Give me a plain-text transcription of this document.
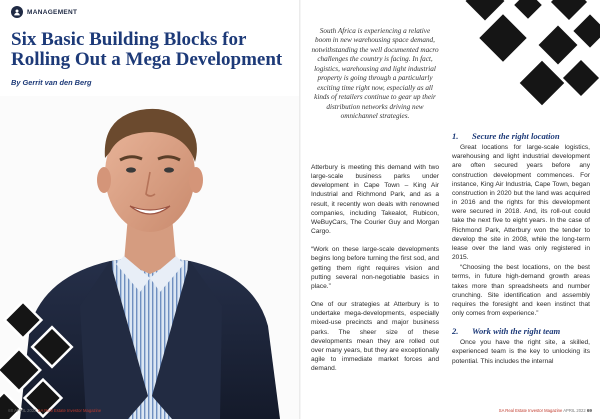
MANAGEMENT
Six Basic Building Blocks for Rolling Out a Mega Development
By Gerrit van den Berg
68 APRIL 2022 SA Real Estate Investor Magazine
South Africa is experiencing a relative boom in new warehousing space demand, notwithstanding the well documented macro challenges the country is facing. In fact, logistics, warehousing and light industrial property is going through a particularly exciting time right now, especially as all kinds of retailers continue to gear up their distribution networks driving new omnichannel strategies.

Atterbury is meeting this demand with two large-scale business parks under development in Cape Town – King Air Industrial and Richmond Park, and as a result, it recently won deals with renowned companies, including Takealot, Rubicon, WeBuyCars, The Courier Guy and Morgan Cargo.

“Work on these large-scale developments begins long before turning the first sod, and getting them right requires vision and putting several non-negotiable basics in place.”

One of our strategies at Atterbury is to undertake mega-developments, especially mixed-use precincts and major business parks. The sheer size of these developments mean they are rolled out over many years, but they are exceptionally agile to immediate market forces and demand.

1.	Secure the right location

Great locations for large-scale logistics, warehousing and light industrial development are often secured years before any construction development commences. For instance, King Air Industria, Cape Town, began construction in 2020 but the land was acquired in 2016 and the rights for this development were secured in 2018. And, its roll-out could take the next five to eight years. In the case of Richmond Park, Atterbury won the tender to develop the site in 2008, while the long-term lease over the land was only registered in 2015.

“Choosing the best locations, on the best terms, in future high-demand growth areas takes more than spreadsheets and number crunching. Site identification and assembly requires the foresight and keen instinct that only comes from experience.”

2.	Work with the right team

Once you have the right site, a skilled, experienced team is the key to unlocking its potential. This includes the internal

SA Real Estate Investor Magazine APRIL 2022 69
